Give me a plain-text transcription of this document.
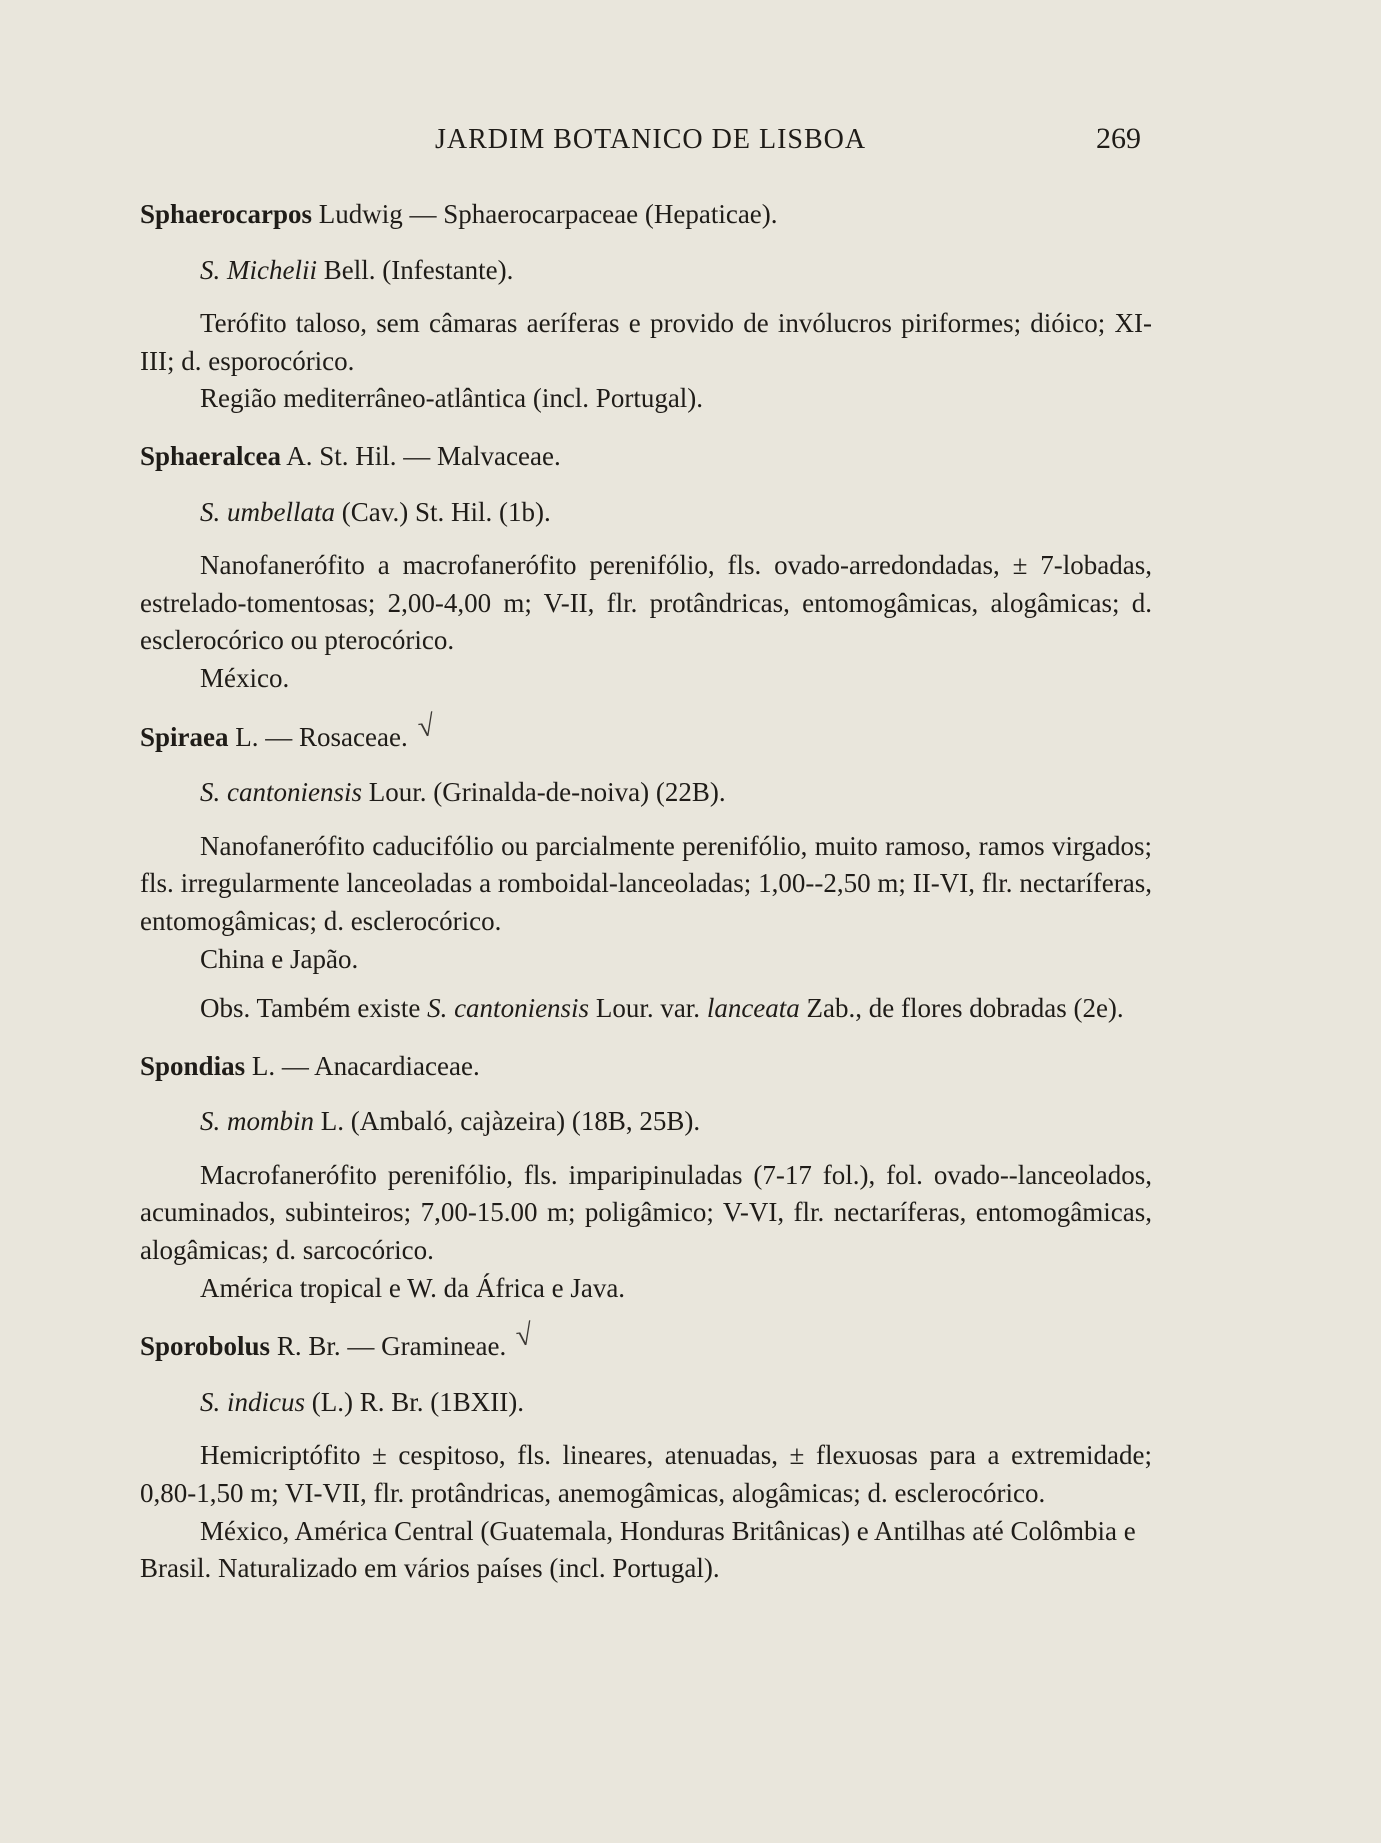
JARDIM BOTANICO DE LISBOA	269

Sphaerocarpos Ludwig — Sphaerocarpaceae (Hepaticae).

S. Michelii Bell. (Infestante).

Terófito taloso, sem câmaras aeríferas e provido de invólucros piriformes; dióico; XI-III; d. esporocórico.

Região mediterrâneo-atlântica (incl. Portugal).

Sphaeralcea A. St. Hil. — Malvaceae.

S. umbellata (Cav.) St. Hil. (1b).

Nanofanerófito a macrofanerófito perenifólio, fls. ovado-arredondadas, ± 7-lobadas, estrelado-tomentosas; 2,00-4,00 m; V-II, flr. protândricas, entomogâmicas, alogâmicas; d. esclerocórico ou pterocórico.

México.

Spiraea L. — Rosaceae. √

S. cantoniensis Lour. (Grinalda-de-noiva) (22B).

Nanofanerófito caducifólio ou parcialmente perenifólio, muito ramoso, ramos virgados; fls. irregularmente lanceoladas a romboidal-lanceoladas; 1,00--2,50 m; II-VI, flr. nectaríferas, entomogâmicas; d. esclerocórico.

China e Japão.

Obs. Também existe S. cantoniensis Lour. var. lanceata Zab., de flores dobradas (2e).

Spondias L. — Anacardiaceae.

S. mombin L. (Ambaló, cajàzeira) (18B, 25B).

Macrofanerófito perenifólio, fls. imparipinuladas (7-17 fol.), fol. ovado--lanceolados, acuminados, subinteiros; 7,00-15.00 m; poligâmico; V-VI, flr. nectaríferas, entomogâmicas, alogâmicas; d. sarcocórico.

América tropical e W. da África e Java.

Sporobolus R. Br. — Gramineae. √

S. indicus (L.) R. Br. (1BXII).

Hemicriptófito ± cespitoso, fls. lineares, atenuadas, ± flexuosas para a extremidade; 0,80-1,50 m; VI-VII, flr. protândricas, anemogâmicas, alogâmicas; d. esclerocórico.

México, América Central (Guatemala, Honduras Britânicas) e Antilhas até Colômbia e Brasil. Naturalizado em vários países (incl. Portugal).
